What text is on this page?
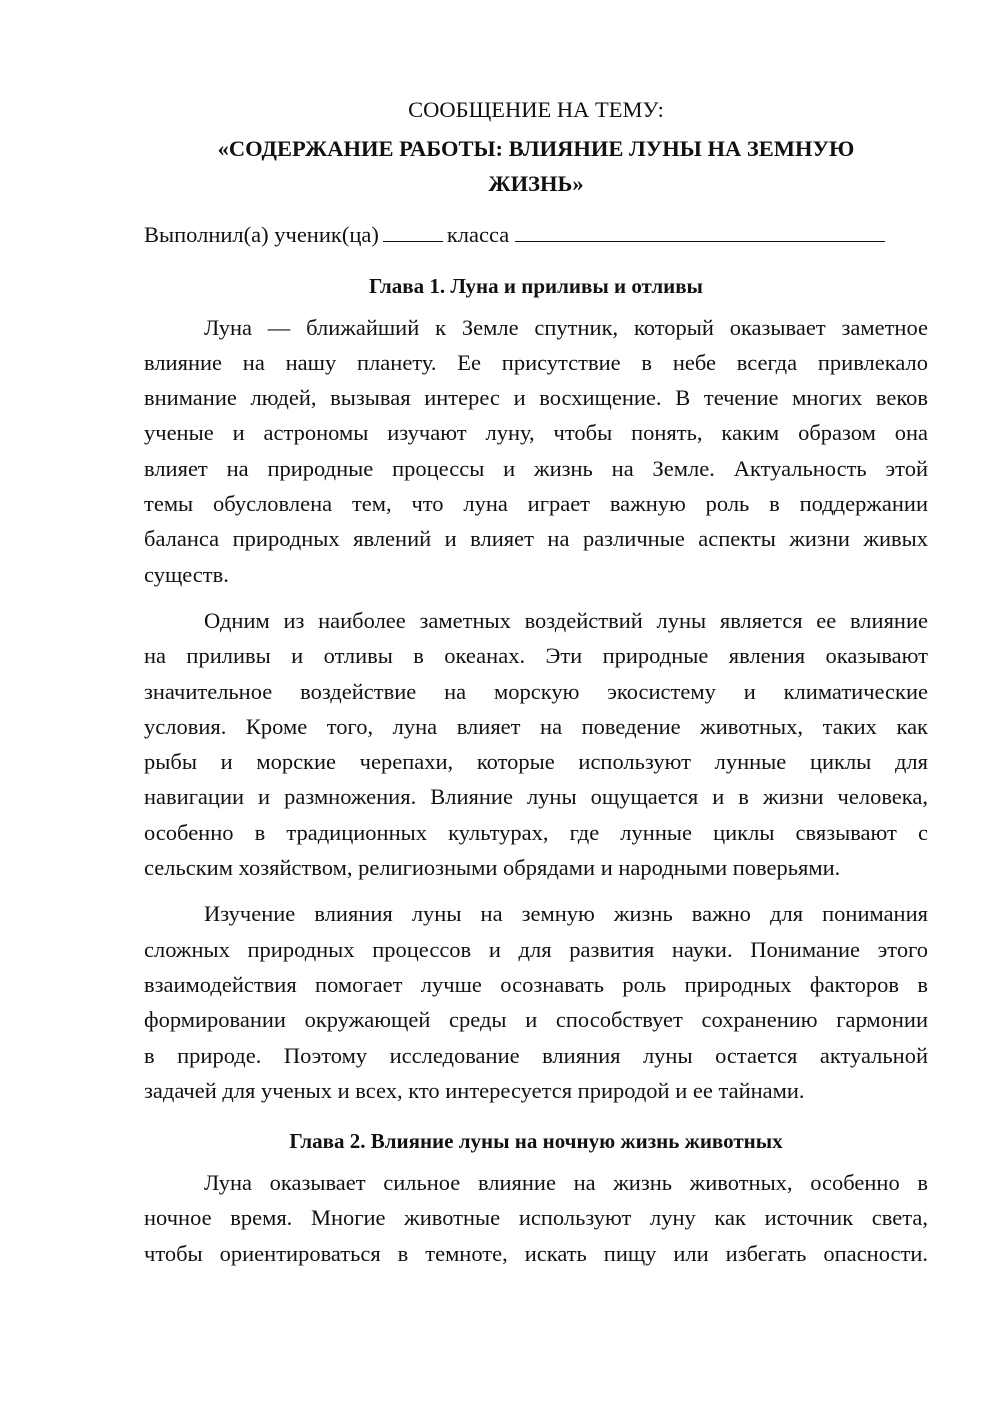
СООБЩЕНИЕ НА ТЕМУ:
«СОДЕРЖАНИЕ РАБОТЫ: ВЛИЯНИЕ ЛУНЫ НА ЗЕМНУЮ
ЖИЗНЬ»
Выполнил(а) ученик(ца)	класса
Глава 1. Луна и приливы и отливы
Луна — ближайший к Земле спутник, который оказывает заметное
влияние на нашу планету. Ее присутствие в небе всегда привлекало
внимание людей, вызывая интерес и восхищение. В течение многих веков
ученые и астрономы изучают луну, чтобы понять, каким образом она
влияет на природные процессы и жизнь на Земле. Актуальность этой
темы обусловлена тем, что луна играет важную роль в поддержании
баланса природных явлений и влияет на различные аспекты жизни живых
существ.
Одним из наиболее заметных воздействий луны является ее влияние
на приливы и отливы в океанах. Эти природные явления оказывают
значительное воздействие на морскую экосистему и климатические
условия. Кроме того, луна влияет на поведение животных, таких как
рыбы и морские черепахи, которые используют лунные циклы для
навигации и размножения. Влияние луны ощущается и в жизни человека,
особенно в традиционных культурах, где лунные циклы связывают с
сельским хозяйством, религиозными обрядами и народными поверьями.
Изучение влияния луны на земную жизнь важно для понимания
сложных природных процессов и для развития науки. Понимание этого
взаимодействия помогает лучше осознавать роль природных факторов в
формировании окружающей среды и способствует сохранению гармонии
в природе. Поэтому исследование влияния луны остается актуальной
задачей для ученых и всех, кто интересуется природой и ее тайнами.
Глава 2. Влияние луны на ночную жизнь животных
Луна оказывает сильное влияние на жизнь животных, особенно в
ночное время. Многие животные используют луну как источник света,
чтобы ориентироваться в темноте, искать пищу или избегать опасности.
